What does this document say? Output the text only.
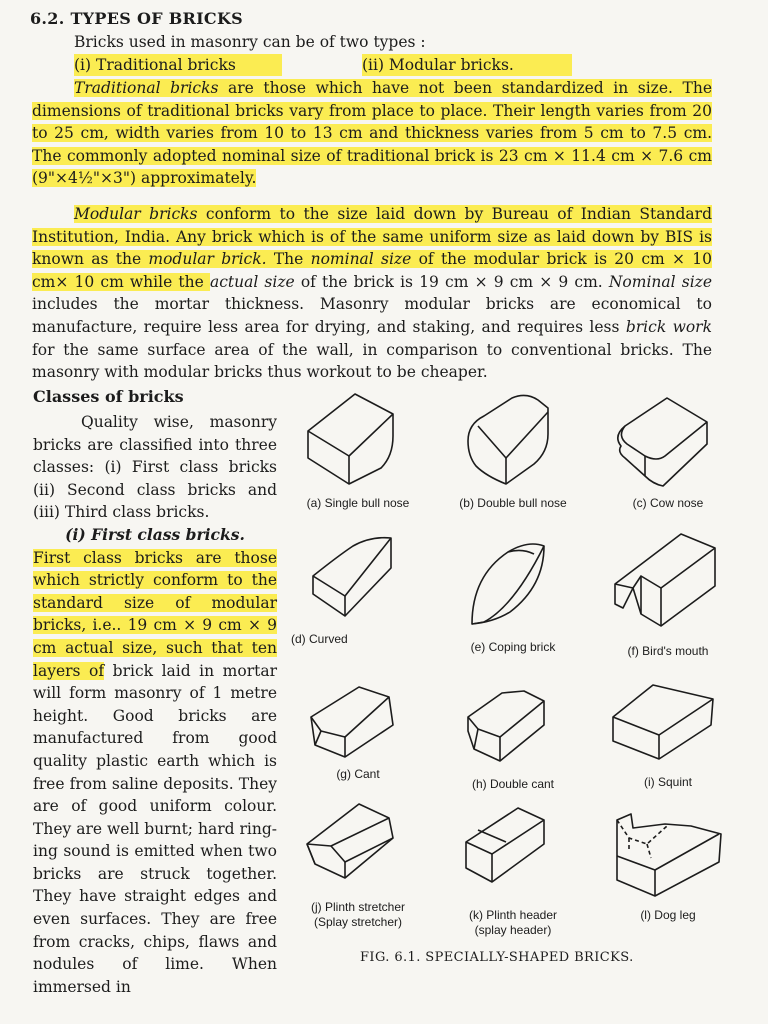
6.2. TYPES OF BRICKS

Bricks used in masonry can be of two types :

(i) Traditional bricks	(ii) Modular bricks.

Traditional bricks are those which have not been standardized in size. The dimensions of traditional bricks vary from place to place. Their length varies from 20 to 25 cm, width varies from 10 to 13 cm and thickness varies from 5 cm to 7.5 cm. The commonly adopted nominal size of traditional brick is 23 cm × 11.4 cm × 7.6 cm (9"×4½"×3") approximately.

Modular bricks conform to the size laid down by Bureau of Indian Standard Institution, India. Any brick which is of the same uniform size as laid down by BIS is known as the modular brick. The nominal size of the modular brick is 20 cm × 10 cm× 10 cm while the actual size of the brick is 19 cm × 9 cm × 9 cm. Nominal size includes the mortar thickness. Masonry modular bricks are economical to manufacture, require less area for drying, and staking, and requires less brick work for the same surface area of the wall, in comparison to conventional bricks. The masonry with modular bricks thus workout to be cheaper.

Classes of bricks

Quality wise, masonry bricks are classified into three classes: (i) First class bricks (ii) Second class bricks and (iii) Third class bricks.

(i) First class bricks.

First class bricks are those which strictly conform to the standard size of modular bricks, i.e.. 19 cm × 9 cm × 9 cm actual size, such that ten layers of brick laid in mortar will form masonry of 1 metre height. Good bricks are manufactured from good quality plastic earth which is free from saline deposits. They are of good uniform colour. They are well burnt; hard ring-ing sound is emitted when two bricks are struck together. They have straight edges and even surfaces. They are free from cracks, chips, flaws and nodules of lime. When immersed in

(a) Single bull nose	(b) Double bull nose	(c) Cow nose
(d) Curved
(e) Coping brick	(f) Bird's mouth
(g) Cant
(h) Double cant	(i) Squint
(j) Plinth stretcher
(Splay stretcher)	(k) Plinth header
(splay header)
(l) Dog leg
FIG. 6.1. SPECIALLY-SHAPED BRICKS.
